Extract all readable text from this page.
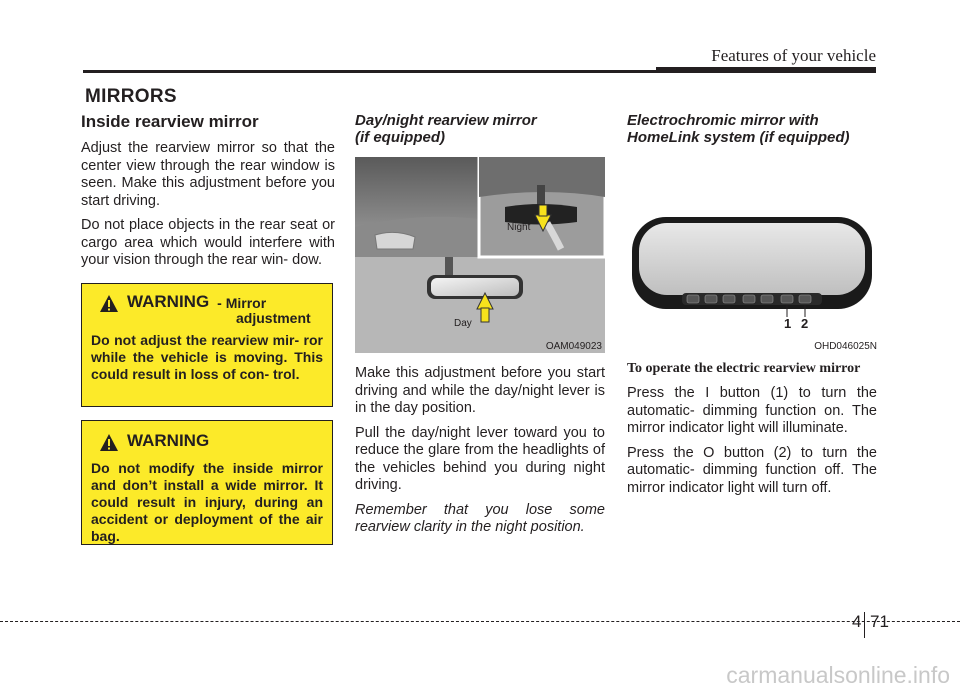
Features of your vehicle
MIRRORS
Inside rearview mirror

Adjust the rearview mirror so that the center view through the rear window is seen. Make this adjustment before you start driving.

Do not place objects in the rear seat or cargo area which would interfere with your vision through the rear win- dow.

WARNING - Mirror
adjustment
Do not adjust the rearview mir- ror while the vehicle is moving. This could result in loss of con- trol.
WARNING
Do not modify the inside mirror and don’t install a wide mirror. It could result in injury, during an accident or deployment of the air bag.
Day/night rearview mirror
(if equipped)
Night
Day
OAM049023

Make this adjustment before you start driving and while the day/night lever is in the day position.

Pull the day/night lever toward you to reduce the glare from the headlights of the vehicles behind you during night driving.

Remember that you lose some rearview clarity in the night position.

Electrochromic mirror with
HomeLink system (if equipped)
1 2
OHD046025N
To operate the electric rearview mirror

Press the I button (1) to turn the automatic- dimming function on. The mirror indicator light will illuminate.

Press the O button (2) to turn the automatic- dimming function off. The mirror indicator light will turn off.

4 71
carmanualsonline.info
